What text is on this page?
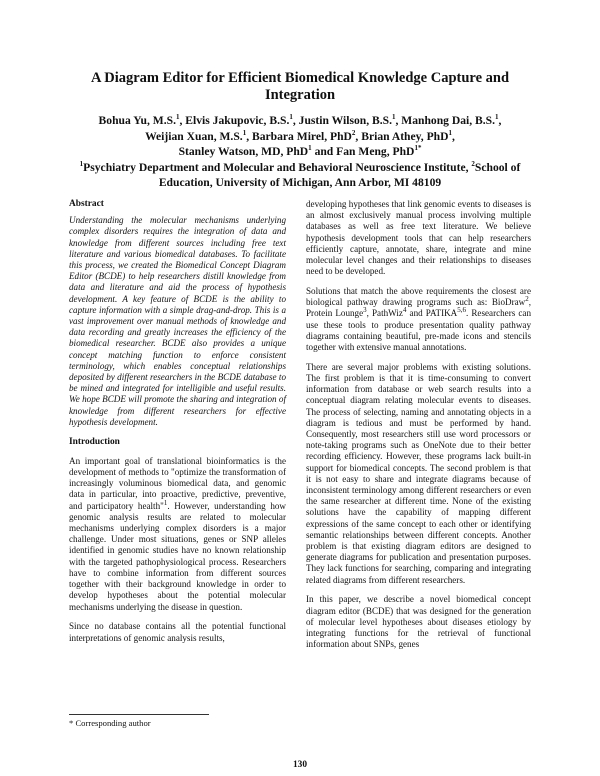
A Diagram Editor for Efficient Biomedical Knowledge Capture and Integration
Bohua Yu, M.S.$^1$, Elvis Jakupovic, B.S.$^1$, Justin Wilson, B.S.$^1$, Manhong Dai, B.S.$^1$,
Weijian Xuan, M.S.$^1$, Barbara Mirel, PhD$^2$, Brian Athey, PhD$^1$,
Stanley Watson, MD, PhD$^1$ and Fan Meng, PhD$^{1*}$
$^1$Psychiatry Department and Molecular and Behavioral Neuroscience Institute, $^2$School of Education, University of Michigan, Ann Arbor, MI 48109
Abstract

Understanding the molecular mechanisms underlying complex disorders requires the integration of data and knowledge from different sources including free text literature and various biomedical databases. To facilitate this process, we created the Biomedical Concept Diagram Editor (BCDE) to help researchers distill knowledge from data and literature and aid the process of hypothesis development. A key feature of BCDE is the ability to capture information with a simple drag-and-drop. This is a vast improvement over manual methods of knowledge and data recording and greatly increases the efficiency of the biomedical researcher. BCDE also provides a unique concept matching function to enforce consistent terminology, which enables conceptual relationships deposited by different researchers in the BCDE database to be mined and integrated for intelligible and useful results. We hope BCDE will promote the sharing and integration of knowledge from different researchers for effective hypothesis development.

Introduction

An important goal of translational bioinformatics is the development of methods to "optimize the transformation of increasingly voluminous biomedical data, and genomic data in particular, into proactive, predictive, preventive, and participatory health"$^1$. However, understanding how genomic analysis results are related to molecular mechanisms underlying complex disorders is a major challenge. Under most situations, genes or SNP alleles identified in genomic studies have no known relationship with the targeted pathophysiological process. Researchers have to combine information from different sources together with their background knowledge in order to develop hypotheses about the potential molecular mechanisms underlying the disease in question.

Since no database contains all the potential functional interpretations of genomic analysis results,

* Corresponding author

developing hypotheses that link genomic events to diseases is an almost exclusively manual process involving multiple databases as well as free text literature. We believe hypothesis development tools that can help researchers efficiently capture, annotate, share, integrate and mine molecular level changes and their relationships to diseases need to be developed.

Solutions that match the above requirements the closest are biological pathway drawing programs such as: BioDraw$^2$, Protein Lounge$^3$, PathWiz$^4$ and PATIKA$^{5,6}$. Researchers can use these tools to produce presentation quality pathway diagrams containing beautiful, pre-made icons and stencils together with extensive manual annotations.

There are several major problems with existing solutions. The first problem is that it is time-consuming to convert information from database or web search results into a conceptual diagram relating molecular events to diseases. The process of selecting, naming and annotating objects in a diagram is tedious and must be performed by hand. Consequently, most researchers still use word processors or note-taking programs such as OneNote due to their better recording efficiency. However, these programs lack built-in support for biomedical concepts. The second problem is that it is not easy to share and integrate diagrams because of inconsistent terminology among different researchers or even the same researcher at different time. None of the existing solutions have the capability of mapping different expressions of the same concept to each other or identifying semantic relationships between different concepts. Another problem is that existing diagram editors are designed to generate diagrams for publication and presentation purposes. They lack functions for searching, comparing and integrating related diagrams from different researchers.

In this paper, we describe a novel biomedical concept diagram editor (BCDE) that was designed for the generation of molecular level hypotheses about diseases etiology by integrating functions for the retrieval of functional information about SNPs, genes

130
